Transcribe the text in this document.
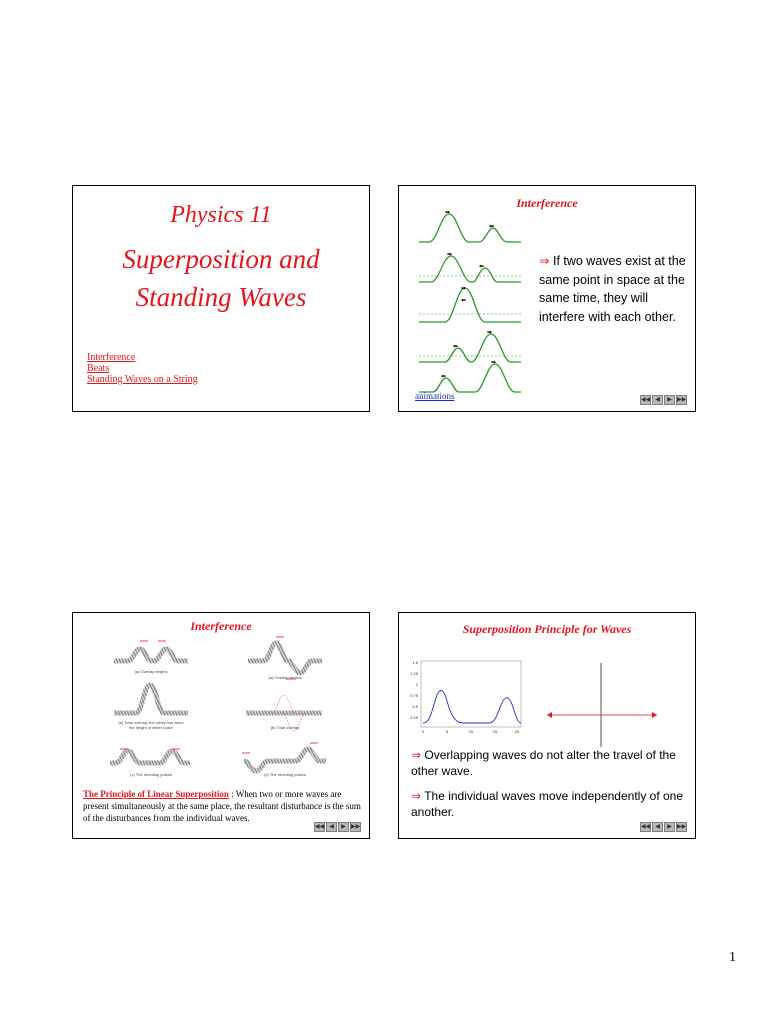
Physics 11
Superposition and
Standing Waves
Interference
Beats
Standing Waves on a String
Interference
➡
⬅
➡
⬅
➡
⬅
⬅
➡
⬅
➡
⇒ If two waves exist at the same point in space at the same time, they will interfere with each other.
animations	◀◀ ◀	▶ ▶▶
Interference
(a) Overlap begins
(a) Overlap begins
(b) Total overlap; the slinky has twice
the height of either pulse	(b) Total overlap
(c) The receding pulses	(c) The receding pulses
The Principle of Linear Superposition : When two or more waves are present simultaneously at the same place, the resultant disturbance is the sum of the disturbances from the individual waves.
◀◀ ◀	▶ ▶▶
Superposition Principle for Waves
1.5
1.25
1
0.75
0.5
0.25
0	5	10	15	20
⇒ Overlapping waves do not alter the travel of the other wave.
⇒ The individual waves move independently of one another.
◀◀ ◀	▶ ▶▶
1
